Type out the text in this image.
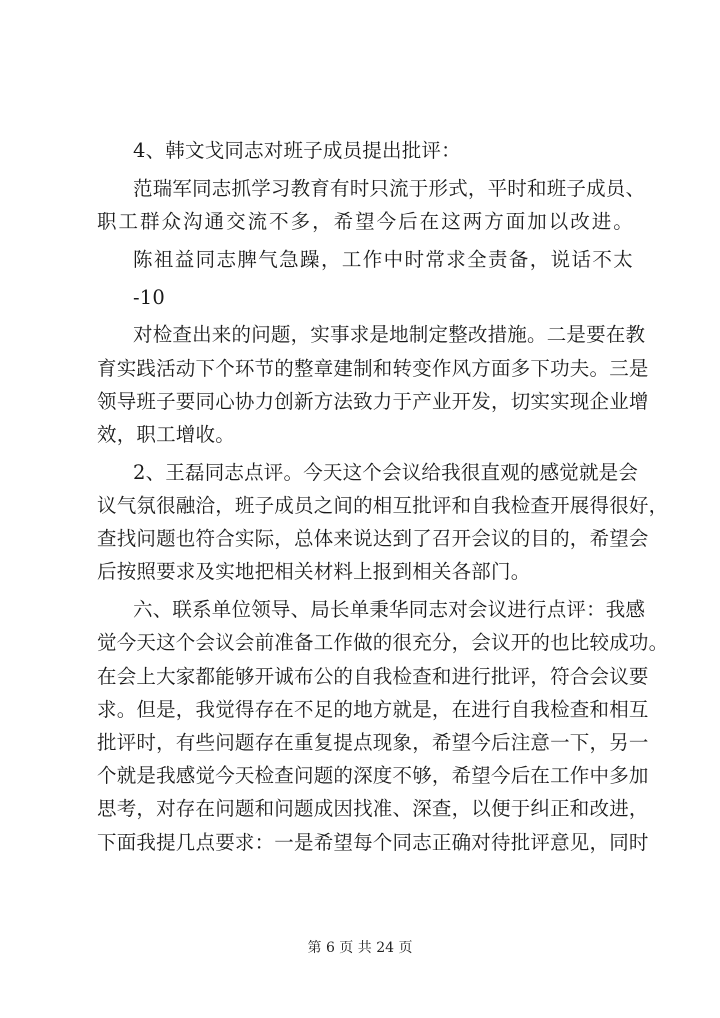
4、韩文戈同志对班子成员提出批评：
范瑞军同志抓学习教育有时只流于形式，平时和班子成员、
职工群众沟通交流不多，希望今后在这两方面加以改进。
陈祖益同志脾气急躁，工作中时常求全责备，说话不太
-10
对检查出来的问题，实事求是地制定整改措施。二是要在教
育实践活动下个环节的整章建制和转变作风方面多下功夫。三是
领导班子要同心协力创新方法致力于产业开发，切实实现企业增
效，职工增收。
2、王磊同志点评。今天这个会议给我很直观的感觉就是会
议气氛很融洽，班子成员之间的相互批评和自我检查开展得很好，
查找问题也符合实际，总体来说达到了召开会议的目的，希望会
后按照要求及实地把相关材料上报到相关各部门。
六、联系单位领导、局长单秉华同志对会议进行点评：我感
觉今天这个会议会前准备工作做的很充分，会议开的也比较成功。
在会上大家都能够开诚布公的自我检查和进行批评，符合会议要
求。但是，我觉得存在不足的地方就是，在进行自我检查和相互
批评时，有些问题存在重复提点现象，希望今后注意一下，另一
个就是我感觉今天检查问题的深度不够，希望今后在工作中多加
思考，对存在问题和问题成因找准、深查，以便于纠正和改进，
下面我提几点要求：一是希望每个同志正确对待批评意见，同时
第 6 页 共 24 页
